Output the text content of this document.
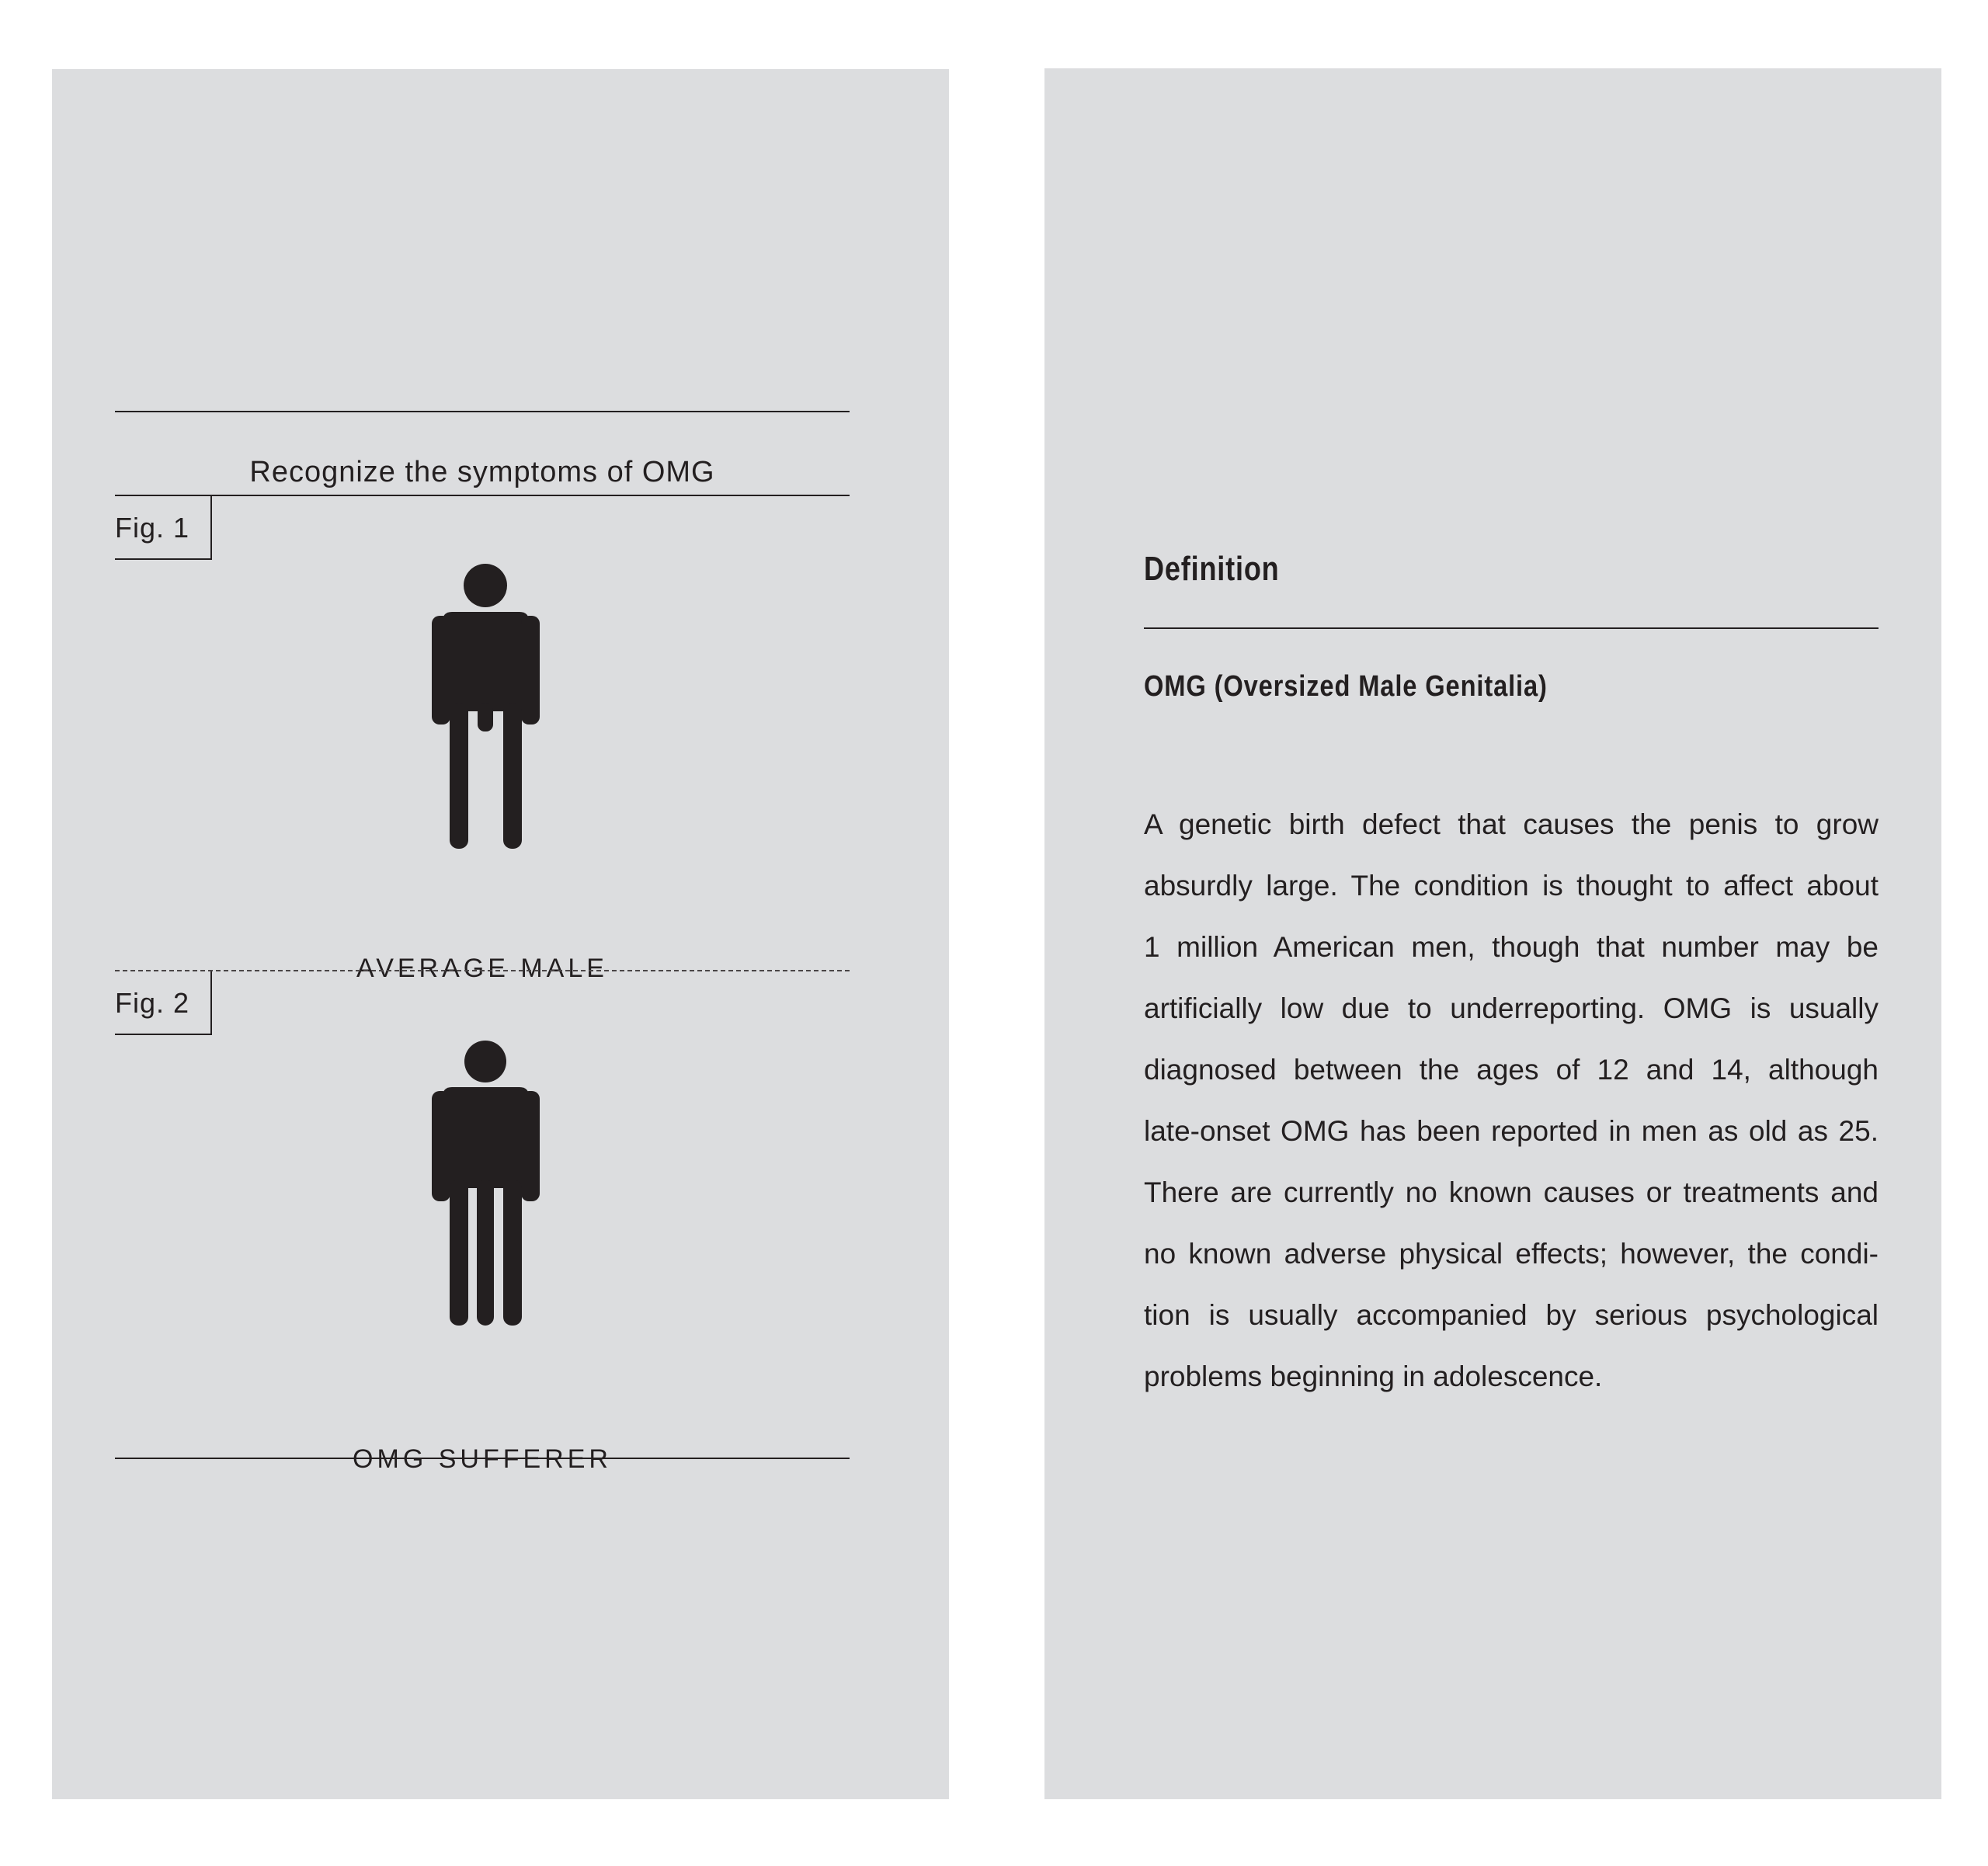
Recognize the symptoms of OMG
Fig. 1
AVERAGE MALE
Fig. 2
OMG SUFFERER
Definition
OMG (Oversized Male Genitalia)
A genetic birth defect that causes the penis to grow
absurdly large. The condition is thought to affect about
1 million American men, though that number may be
artificially low due to underreporting. OMG is usually
diagnosed between the ages of 12 and 14, although
late-onset OMG has been reported in men as old as 25.
There are currently no known causes or treatments and
no known adverse physical effects; however, the condi-
tion is usually accompanied by serious psychological
problems beginning in adolescence.
